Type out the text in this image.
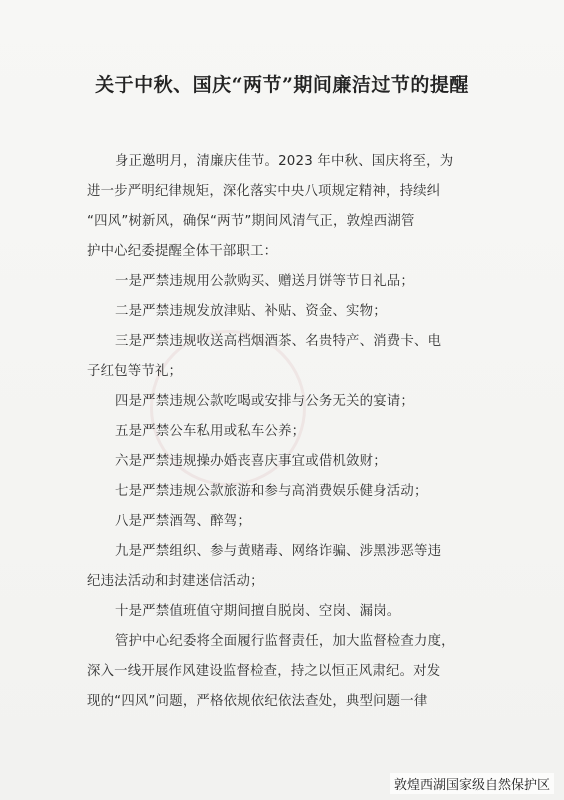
关于中秋、国庆“两节”期间廉洁过节的提醒
身正邀明月，清廉庆佳节。2023 年中秋、国庆将至，为
进一步严明纪律规矩，深化落实中央八项规定精神，持续纠
“四风”树新风，确保“两节”期间风清气正，敦煌西湖管
护中心纪委提醒全体干部职工：
一是严禁违规用公款购买、赠送月饼等节日礼品；
二是严禁违规发放津贴、补贴、资金、实物；
三是严禁违规收送高档烟酒茶、名贵特产、消费卡、电
子红包等节礼；
四是严禁违规公款吃喝或安排与公务无关的宴请；
五是严禁公车私用或私车公养；
六是严禁违规操办婚丧喜庆事宜或借机敛财；
七是严禁违规公款旅游和参与高消费娱乐健身活动；
八是严禁酒驾、醉驾；
九是严禁组织、参与黄赌毒、网络诈骗、涉黑涉恶等违
纪违法活动和封建迷信活动；
十是严禁值班值守期间擅自脱岗、空岗、漏岗。
管护中心纪委将全面履行监督责任，加大监督检查力度，
深入一线开展作风建设监督检查，持之以恒正风肃纪。对发
现的“四风”问题，严格依规依纪依法查处，典型问题一律
敦煌西湖国家级自然保护区
